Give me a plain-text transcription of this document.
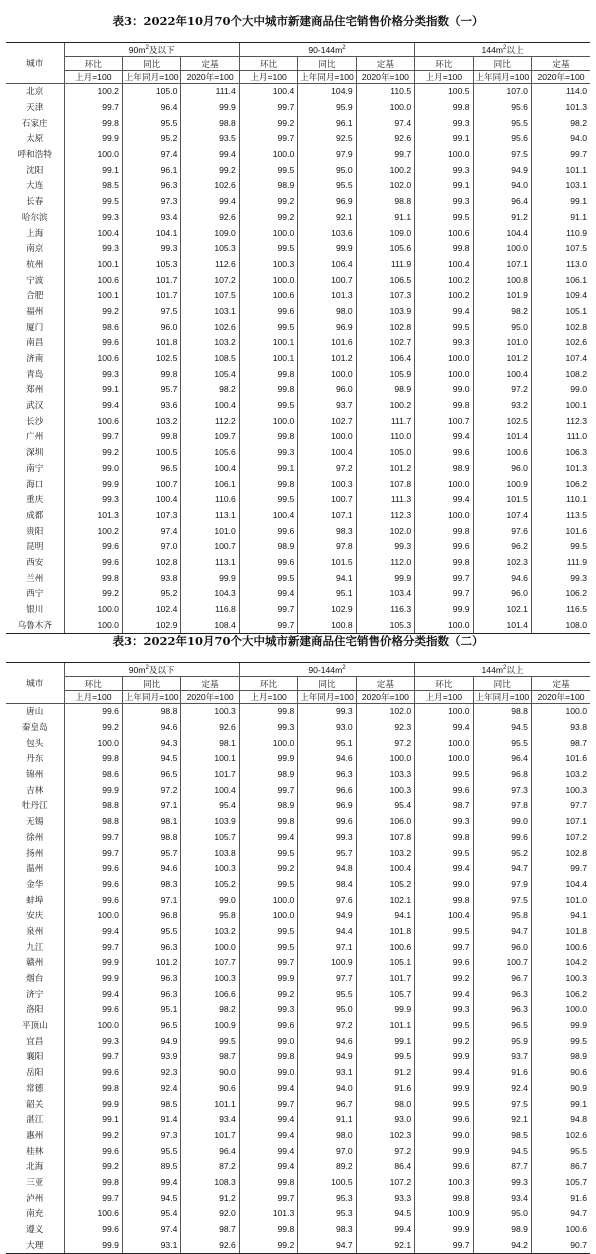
表3：2022年10月70个大中城市新建商品住宅销售价格分类指数（一）
城市	$90m^2$及以下			$90-144m^2$			$144m^2$以上		
	环比	同比	定基	环比	同比	定基	环比	同比	定基
	上月=100	上年同月=100	2020年=100	上月=100	上年同月=100	2020年=100	上月=100	上年同月=100	2020年=100
北京	100.2	105.0	111.4	100.4	104.9	110.5	100.5	107.0	114.0
天津	99.7	96.4	99.9	99.7	95.9	100.0	99.8	95.6	101.3
石家庄	99.8	95.5	98.8	99.2	96.1	97.4	99.3	95.5	98.2
太原	99.9	95.2	93.5	99.7	92.5	92.6	99.1	95.6	94.0
呼和浩特	100.0	97.4	99.4	100.0	97.9	99.7	100.0	97.5	99.7
沈阳	99.1	96.1	99.2	99.5	95.0	100.2	99.3	94.9	101.1
大连	98.5	96.3	102.6	98.9	95.5	102.0	99.1	94.0	103.1
长春	99.5	97.3	99.4	99.2	96.9	98.8	99.3	96.4	99.1
哈尔滨	99.3	93.4	92.6	99.2	92.1	91.1	99.5	91.2	91.1
上海	100.4	104.1	109.0	100.0	103.6	109.0	100.6	104.4	110.9
南京	99.3	99.3	105.3	99.5	99.9	105.6	99.8	100.0	107.5
杭州	100.1	105.3	112.6	100.3	106.4	111.9	100.4	107.1	113.0
宁波	100.6	101.7	107.2	100.0	100.7	106.5	100.2	100.8	106.1
合肥	100.1	101.7	107.5	100.6	101.3	107.3	100.2	101.9	109.4
福州	99.2	97.5	103.1	99.6	98.0	103.9	99.4	98.2	105.1
厦门	98.6	96.0	102.6	99.5	96.9	102.8	99.5	95.0	102.8
南昌	99.6	101.8	103.2	100.1	101.6	102.7	99.3	101.0	102.6
济南	100.6	102.5	108.5	100.1	101.2	106.4	100.0	101.2	107.4
青岛	99.3	99.8	105.4	99.8	100.0	105.9	100.0	100.4	108.2
郑州	99.1	95.7	98.2	99.8	96.0	98.9	99.0	97.2	99.0
武汉	99.4	93.6	100.4	99.5	93.7	100.2	99.8	93.2	100.1
长沙	100.6	103.2	112.2	100.0	102.7	111.7	100.7	102.5	112.3
广州	99.7	99.8	109.7	99.8	100.0	110.0	99.4	101.4	111.0
深圳	99.2	100.5	105.6	99.3	100.4	105.0	99.6	100.6	106.3
南宁	99.0	96.5	100.4	99.1	97.2	101.2	98.9	96.0	101.3
海口	99.9	100.7	106.1	99.8	100.3	107.8	100.0	100.9	106.2
重庆	99.3	100.4	110.6	99.5	100.7	111.3	99.4	101.5	110.1
成都	101.3	107.3	113.1	100.4	107.1	112.3	100.0	107.4	113.5
贵阳	100.2	97.4	101.0	99.6	98.3	102.0	99.8	97.6	101.6
昆明	99.6	97.0	100.7	98.9	97.8	99.3	99.6	96.2	99.5
西安	99.6	102.8	113.1	99.6	101.5	112.0	99.8	102.3	111.9
兰州	99.8	93.8	99.9	99.5	94.1	99.9	99.7	94.6	99.3
西宁	99.2	95.2	104.3	99.4	95.1	103.4	99.7	96.0	106.2
银川	100.0	102.4	116.8	99.7	102.9	116.3	99.9	102.1	116.5
乌鲁木齐	100.0	102.9	108.4	99.7	100.8	105.3	100.0	101.4	108.0
表3：2022年10月70个大中城市新建商品住宅销售价格分类指数（二）
城市	$90m^2$及以下			$90-144m^2$			$144m^2$以上		
	环比	同比	定基	环比	同比	定基	环比	同比	定基
	上月=100	上年同月=100	2020年=100	上月=100	上年同月=100	2020年=100	上月=100	上年同月=100	2020年=100
唐山	99.6	98.8	100.3	99.8	99.3	102.0	100.0	98.8	100.0
秦皇岛	99.2	94.6	92.6	99.3	93.0	92.3	99.4	94.5	93.8
包头	100.0	94.3	98.1	100.0	95.1	97.2	100.0	95.5	98.7
丹东	99.8	94.5	100.1	99.9	94.6	100.0	100.0	96.4	101.6
锦州	98.6	96.5	101.7	98.9	96.3	103.3	99.5	96.8	103.2
吉林	99.9	97.2	100.4	99.7	96.6	100.3	99.6	97.3	100.3
牡丹江	98.8	97.1	95.4	98.9	96.9	95.4	98.7	97.8	97.7
无锡	98.8	98.1	103.9	99.8	99.6	106.0	99.3	99.0	107.1
徐州	99.7	98.8	105.7	99.4	99.3	107.8	99.8	99.6	107.2
扬州	99.7	95.7	103.8	99.5	95.7	103.2	99.5	95.2	102.8
温州	99.6	94.6	100.3	99.2	94.8	100.4	99.4	94.7	99.7
金华	99.6	98.3	105.2	99.5	98.4	105.2	99.0	97.9	104.4
蚌埠	99.6	97.1	99.0	100.0	97.6	102.1	99.8	97.5	101.0
安庆	100.0	96.8	95.8	100.0	94.9	94.1	100.4	95.8	94.1
泉州	99.4	95.5	103.2	99.5	94.4	101.8	99.5	94.7	101.8
九江	99.7	96.3	100.0	99.5	97.1	100.6	99.7	96.0	100.6
赣州	99.9	101.2	107.7	99.7	100.9	105.1	99.6	100.7	104.2
烟台	99.9	96.3	100.3	99.9	97.7	101.7	99.2	96.7	100.3
济宁	99.4	96.3	106.6	99.2	95.5	105.7	99.4	96.3	106.2
洛阳	99.6	95.1	98.2	99.3	95.0	99.9	99.3	96.3	100.0
平顶山	100.0	96.5	100.9	99.6	97.2	101.1	99.5	96.5	99.9
宜昌	99.3	94.9	99.5	99.0	94.6	99.1	99.2	95.9	99.5
襄阳	99.7	93.9	98.7	99.8	94.9	99.5	99.9	93.7	98.9
岳阳	99.6	92.3	90.0	99.0	93.1	91.2	99.4	91.6	90.6
常德	99.8	92.4	90.6	99.4	94.0	91.6	99.9	92.4	90.9
韶关	99.9	98.5	101.1	99.7	96.7	98.0	99.5	97.5	99.1
湛江	99.1	91.4	93.4	99.4	91.1	93.0	99.6	92.1	94.8
惠州	99.2	97.3	101.7	99.4	98.0	102.3	99.0	98.5	102.6
桂林	99.6	95.5	96.4	99.4	97.0	97.2	99.9	94.5	95.5
北海	99.2	89.5	87.2	99.4	89.2	86.4	99.6	87.7	86.7
三亚	99.8	99.4	108.3	99.8	100.5	107.2	100.3	99.3	105.7
泸州	99.7	94.5	91.2	99.7	95.3	93.3	99.8	93.4	91.6
南充	100.6	95.4	92.0	101.3	95.3	94.5	100.9	95.0	94.7
遵义	99.6	97.4	98.7	99.8	98.3	99.4	99.9	98.9	100.6
大理	99.9	93.1	92.6	99.2	94.7	92.1	99.7	94.2	90.7
